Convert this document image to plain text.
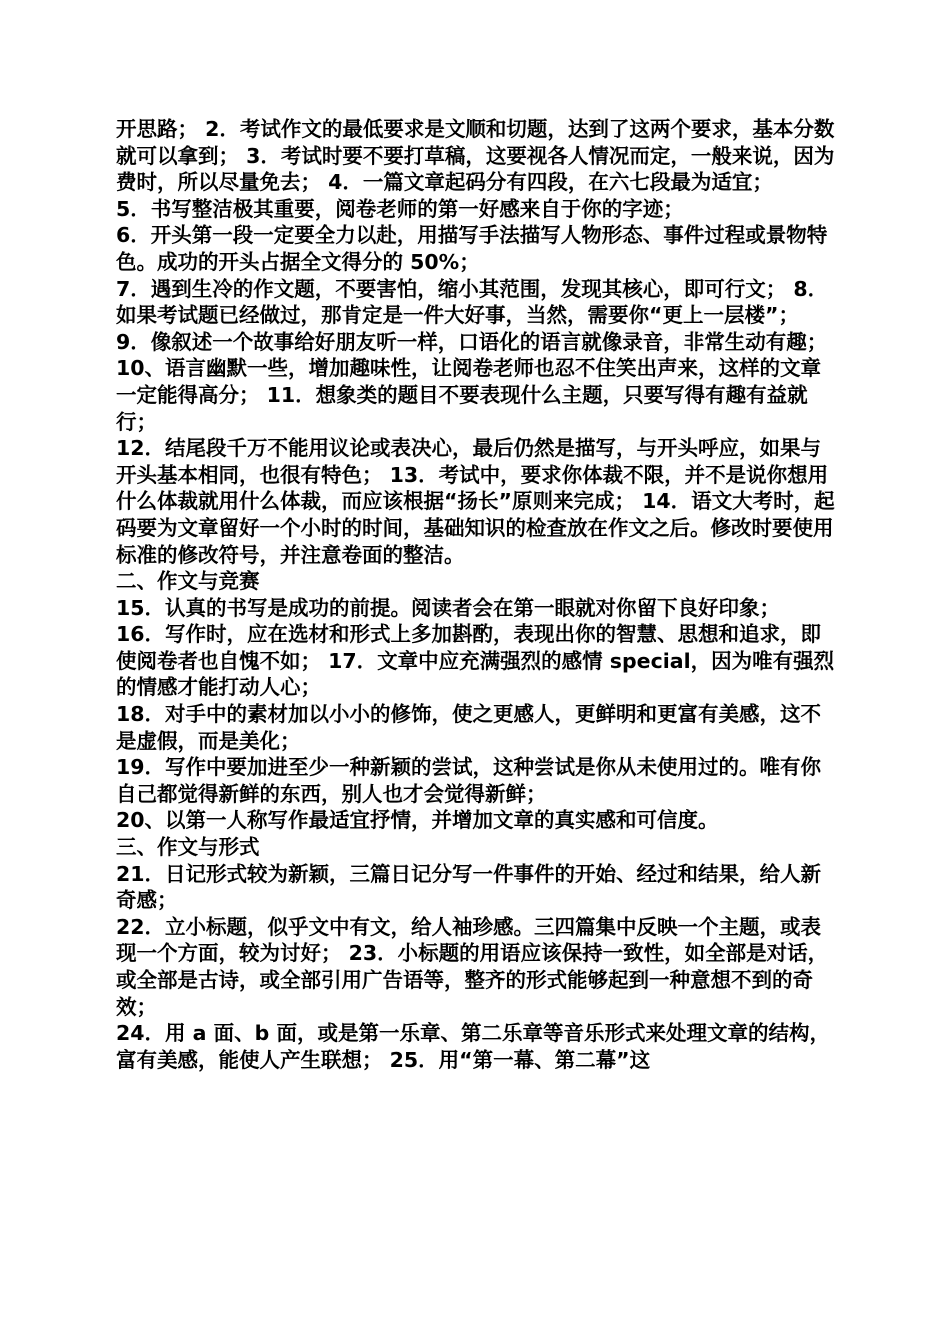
开思路； 2．考试作文的最低要求是文顺和切题，达到了这两个要求，基本分数就可以拿到； 3．考试时要不要打草稿，这要视各人情况而定，一般来说，因为费时，所以尽量免去； 4．一篇文章起码分有四段，在六七段最为适宜；

5．书写整洁极其重要，阅卷老师的第一好感来自于你的字迹；

6．开头第一段一定要全力以赴，用描写手法描写人物形态、事件过程或景物特色。成功的开头占据全文得分的 50%；

7．遇到生冷的作文题，不要害怕，缩小其范围，发现其核心，即可行文； 8．如果考试题已经做过，那肯定是一件大好事，当然，需要你“更上一层楼”； 9．像叙述一个故事给好朋友听一样，口语化的语言就像录音，非常生动有趣；

10、语言幽默一些，增加趣味性，让阅卷老师也忍不住笑出声来，这样的文章一定能得高分； 11．想象类的题目不要表现什么主题，只要写得有趣有益就行；

12．结尾段千万不能用议论或表决心，最后仍然是描写，与开头呼应，如果与开头基本相同，也很有特色； 13．考试中，要求你体裁不限，并不是说你想用什么体裁就用什么体裁，而应该根据“扬长”原则来完成； 14．语文大考时，起码要为文章留好一个小时的时间，基础知识的检查放在作文之后。修改时要使用标准的修改符号，并注意卷面的整洁。

二、作文与竞赛

15．认真的书写是成功的前提。阅读者会在第一眼就对你留下良好印象；

16．写作时，应在选材和形式上多加斟酌，表现出你的智慧、思想和追求，即使阅卷者也自愧不如； 17．文章中应充满强烈的感情 special，因为唯有强烈的情感才能打动人心；

18．对手中的素材加以小小的修饰，使之更感人，更鲜明和更富有美感，这不是虚假，而是美化；

19．写作中要加进至少一种新颖的尝试，这种尝试是你从未使用过的。唯有你自己都觉得新鲜的东西，别人也才会觉得新鲜；

20、以第一人称写作最适宜抒情，并增加文章的真实感和可信度。

三、作文与形式

21．日记形式较为新颖，三篇日记分写一件事件的开始、经过和结果，给人新奇感；

22．立小标题，似乎文中有文，给人袖珍感。三四篇集中反映一个主题，或表现一个方面，较为讨好； 23．小标题的用语应该保持一致性，如全部是对话，或全部是古诗，或全部引用广告语等，整齐的形式能够起到一种意想不到的奇效；

24．用 a 面、b 面，或是第一乐章、第二乐章等音乐形式来处理文章的结构，富有美感，能使人产生联想； 25．用“第一幕、第二幕”这
